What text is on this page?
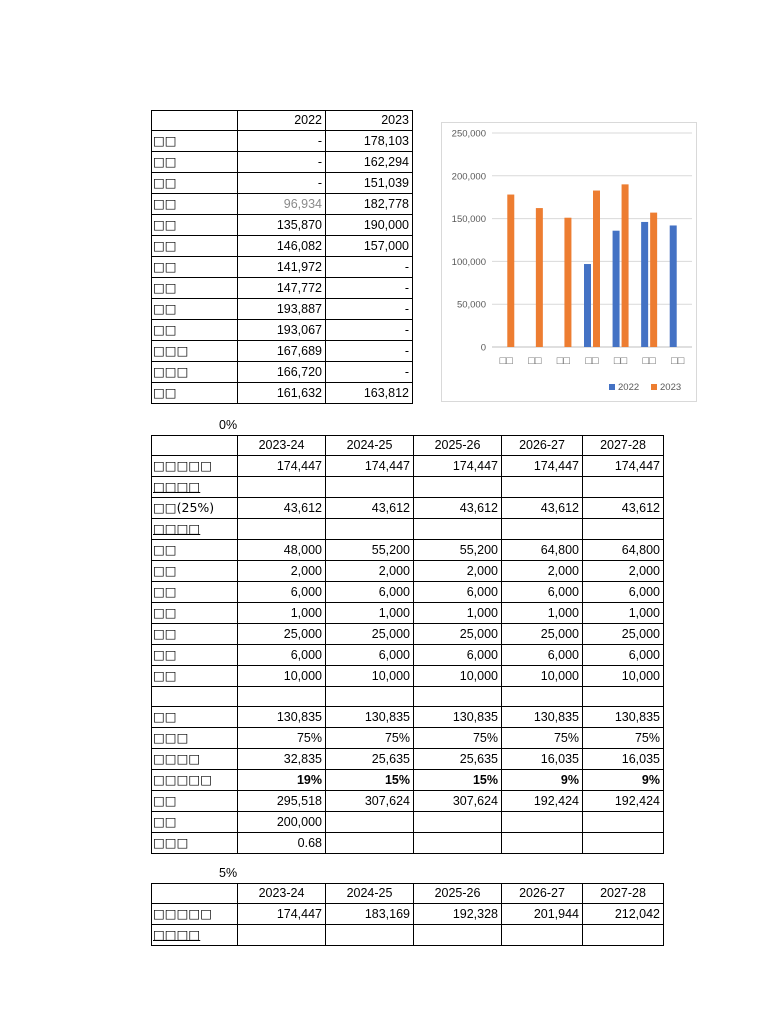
	2022	2023
□□	-	178,103
□□	-	162,294
□□	-	151,039
□□	96,934	182,778
□□	135,870	190,000
□□	146,082	157,000
□□	141,972	-
□□	147,772	-
□□	193,887	-
□□	193,067	-
□□□	167,689	-
□□□	166,720	-
□□	161,632	163,812
0
50,000
100,000
150,000
200,000
250,000
□□ □□ □□ □□ □□ □□ □□
2022 2023
0%
	2023-24	2024-25	2025-26	2026-27	2027-28
□□□□□	174,447	174,447	174,447	174,447	174,447
□□□□					
□□(25%)	43,612	43,612	43,612	43,612	43,612
□□□□					
□□	48,000	55,200	55,200	64,800	64,800
□□	2,000	2,000	2,000	2,000	2,000
□□	6,000	6,000	6,000	6,000	6,000
□□	1,000	1,000	1,000	1,000	1,000
□□	25,000	25,000	25,000	25,000	25,000
□□	6,000	6,000	6,000	6,000	6,000
□□	10,000	10,000	10,000	10,000	10,000

□□	130,835	130,835	130,835	130,835	130,835
□□□	75%	75%	75%	75%	75%
□□□□	32,835	25,635	25,635	16,035	16,035
□□□□□	19%	15%	15%	9%	9%
□□	295,518	307,624	307,624	192,424	192,424
□□	200,000				
□□□	0.68				
5%
	2023-24	2024-25	2025-26	2026-27	2027-28
□□□□□	174,447	183,169	192,328	201,944	212,042
□□□□					
